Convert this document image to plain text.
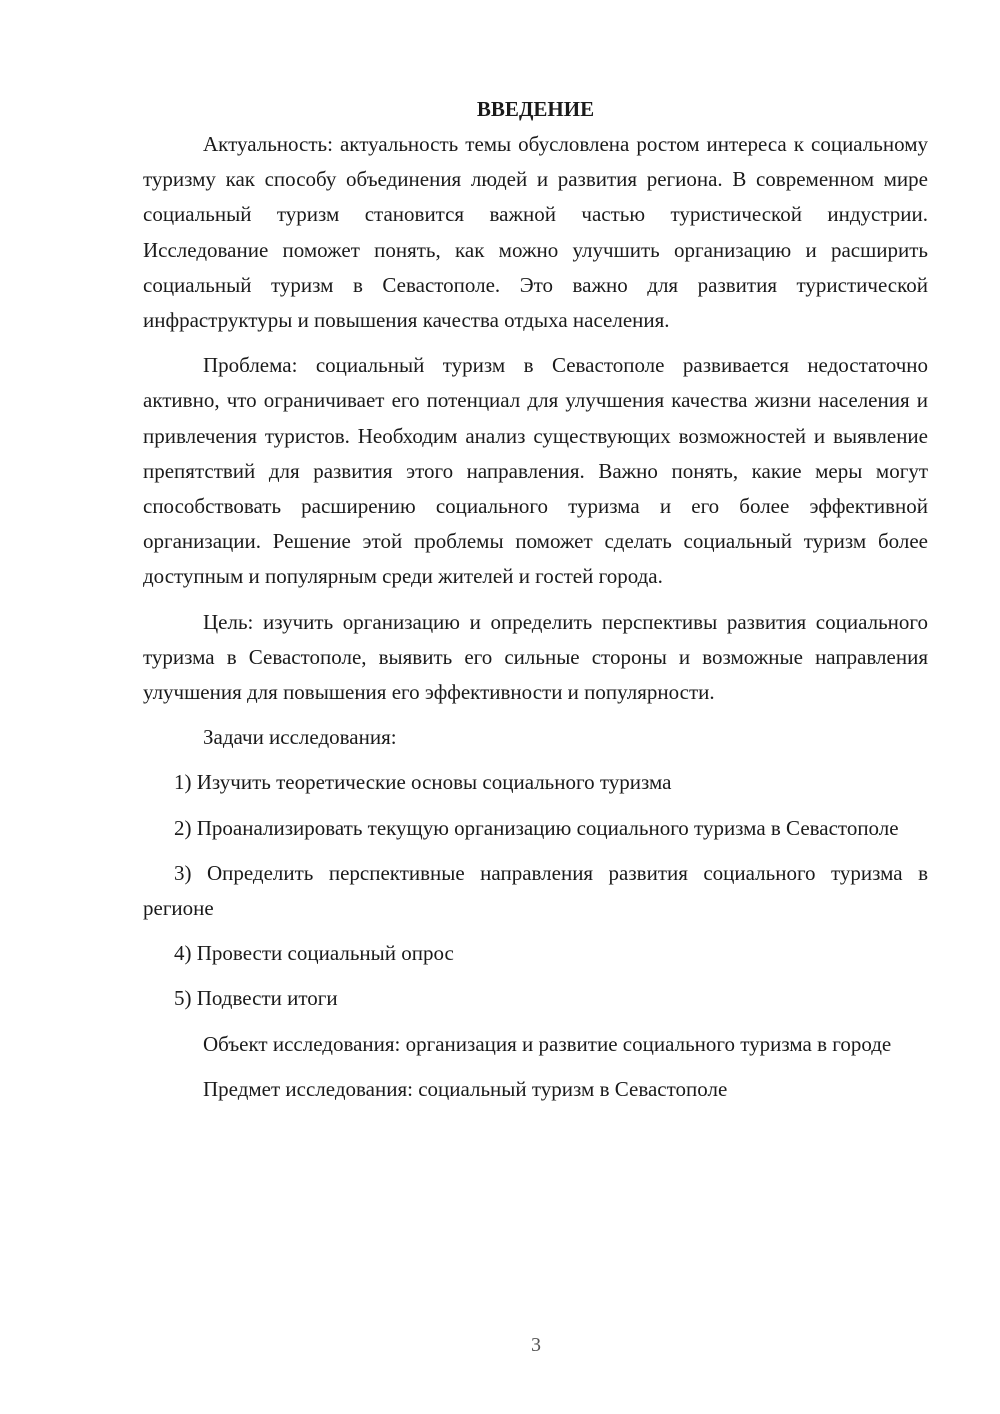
ВВЕДЕНИЕ

Актуальность: актуальность темы обусловлена ростом интереса к социальному туризму как способу объединения людей и развития региона. В современном мире социальный туризм становится важной частью туристической индустрии. Исследование поможет понять, как можно улучшить организацию и расширить социальный туризм в Севастополе. Это важно для развития туристической инфраструктуры и повышения качества отдыха населения.

Проблема: социальный туризм в Севастополе развивается недостаточно активно, что ограничивает его потенциал для улучшения качества жизни населения и привлечения туристов. Необходим анализ существующих возможностей и выявление препятствий для развития этого направления. Важно понять, какие меры могут способствовать расширению социального туризма и его более эффективной организации. Решение этой проблемы поможет сделать социальный туризм более доступным и популярным среди жителей и гостей города.

Цель: изучить организацию и определить перспективы развития социального туризма в Севастополе, выявить его сильные стороны и возможные направления улучшения для повышения его эффективности и популярности.

Задачи исследования:

1) Изучить теоретические основы социального туризма

2) Проанализировать текущую организацию социального туризма в Севастополе

3) Определить перспективные направления развития социального туризма в регионе

4) Провести социальный опрос

5) Подвести итоги

Объект исследования: организация и развитие социального туризма в городе

Предмет исследования: социальный туризм в Севастополе

3
